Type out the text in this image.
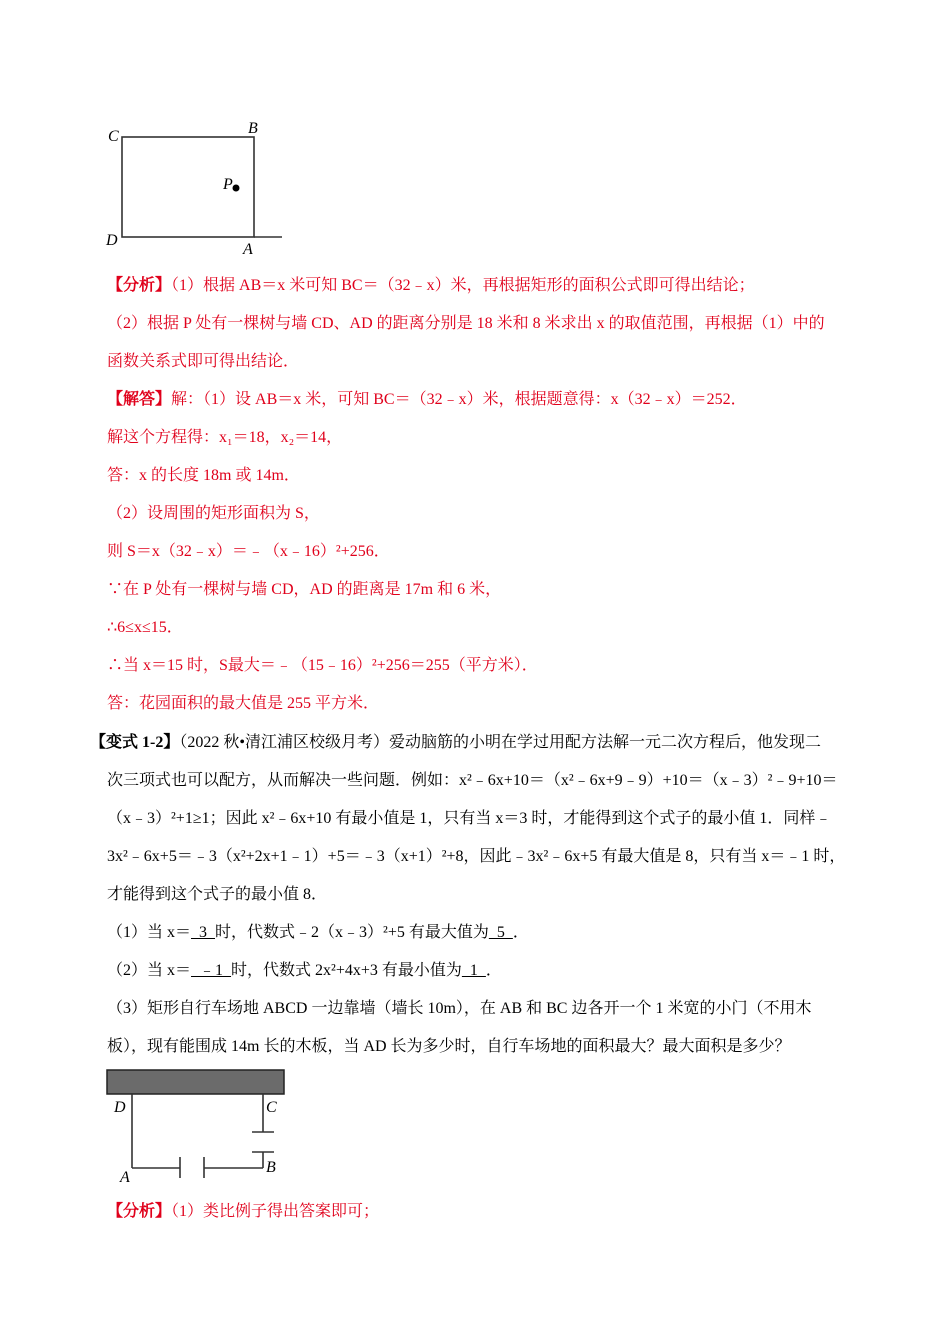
C	B
P
D
A
【分析】（1）根据 AB＝x 米可知 BC＝（32﹣x）米，再根据矩形的面积公式即可得出结论；
（2）根据 P 处有一棵树与墙 CD、AD 的距离分别是 18 米和 8 米求出 x 的取值范围，再根据（1）中的
函数关系式即可得出结论．
【解答】解：（1）设 AB＝x 米，可知 BC＝（32﹣x）米，根据题意得：x（32﹣x）＝252．
解这个方程得：x₁＝18，x₂＝14，
答：x 的长度 18m 或 14m．
（2）设周围的矩形面积为 S，
则 S＝x（32﹣x）＝﹣（x﹣16）²+256．
∵在 P 处有一棵树与墙 CD，AD 的距离是 17m 和 6 米，
∴6≤x≤15．
∴当 x＝15 时，S最大＝﹣（15﹣16）²+256＝255（平方米）．
答：花园面积的最大值是 255 平方米．
【变式 1-2】（2022 秋•清江浦区校级月考）爱动脑筋的小明在学过用配方法解一元二次方程后，他发现二
次三项式也可以配方，从而解决一些问题．例如：x²﹣6x+10＝（x²﹣6x+9﹣9）+10＝（x﹣3）²﹣9+10＝
（x﹣3）²+1≥1；因此 x²﹣6x+10 有最小值是 1，只有当 x＝3 时，才能得到这个式子的最小值 1．同样﹣
3x²﹣6x+5＝﹣3（x²+2x+1﹣1）+5＝﹣3（x+1）²+8，因此﹣3x²﹣6x+5 有最大值是 8，只有当 x＝﹣1 时，
才能得到这个式子的最小值 8．
（1）当 x＝  3  时，代数式﹣2（x﹣3）²+5 有最大值为  5  ．
（2）当 x＝  ﹣1  时，代数式 2x²+4x+3 有最小值为  1  ．
（3）矩形自行车场地 ABCD 一边靠墙（墙长 10m），在 AB 和 BC 边各开一个 1 米宽的小门（不用木
板），现有能围成 14m 长的木板，当 AD 长为多少时，自行车场地的面积最大？最大面积是多少？
D	C
A
B
【分析】（1）类比例子得出答案即可；
